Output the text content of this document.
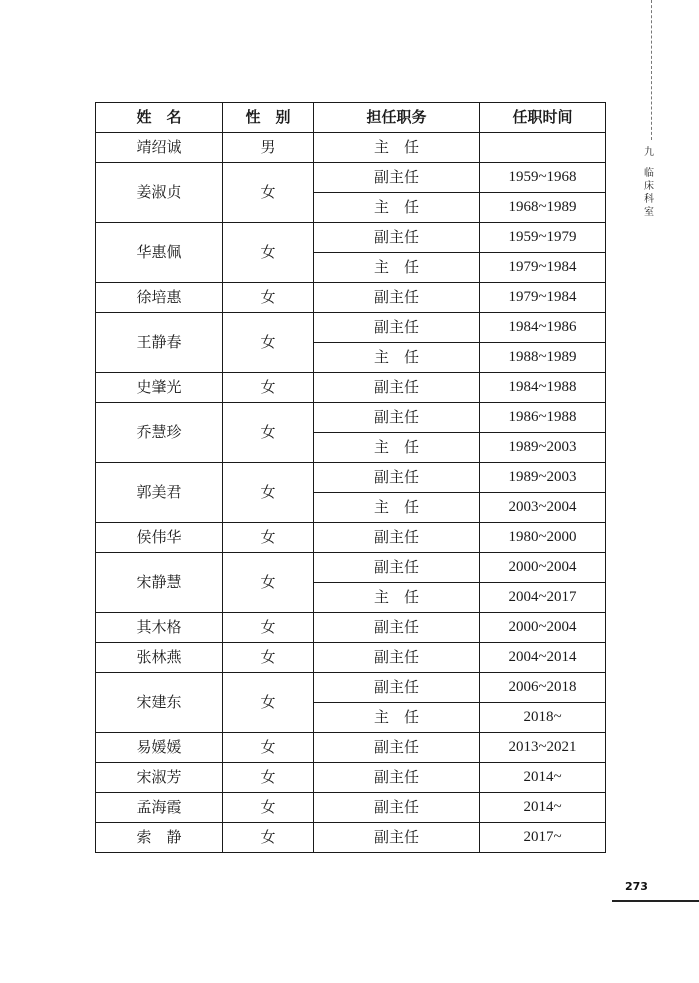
九
临
床
科
室
姓　名	性　别	担任职务	任职时间
靖绍诚	男	主　任	
姜淑贞	女	副主任	1959~1968
		主　任	1968~1989
华惠佩	女	副主任	1959~1979
		主　任	1979~1984
徐培惠	女	副主任	1979~1984
王静春	女	副主任	1984~1986
		主　任	1988~1989
史肇光	女	副主任	1984~1988
乔慧珍	女	副主任	1986~1988
		主　任	1989~2003
郭美君	女	副主任	1989~2003
		主　任	2003~2004
侯伟华	女	副主任	1980~2000
宋静慧	女	副主任	2000~2004
		主　任	2004~2017
其木格	女	副主任	2000~2004
张林燕	女	副主任	2004~2014
宋建东	女	副主任	2006~2018
		主　任	2018~
易媛媛	女	副主任	2013~2021
宋淑芳	女	副主任	2014~
孟海霞	女	副主任	2014~
索　静	女	副主任	2017~
273
